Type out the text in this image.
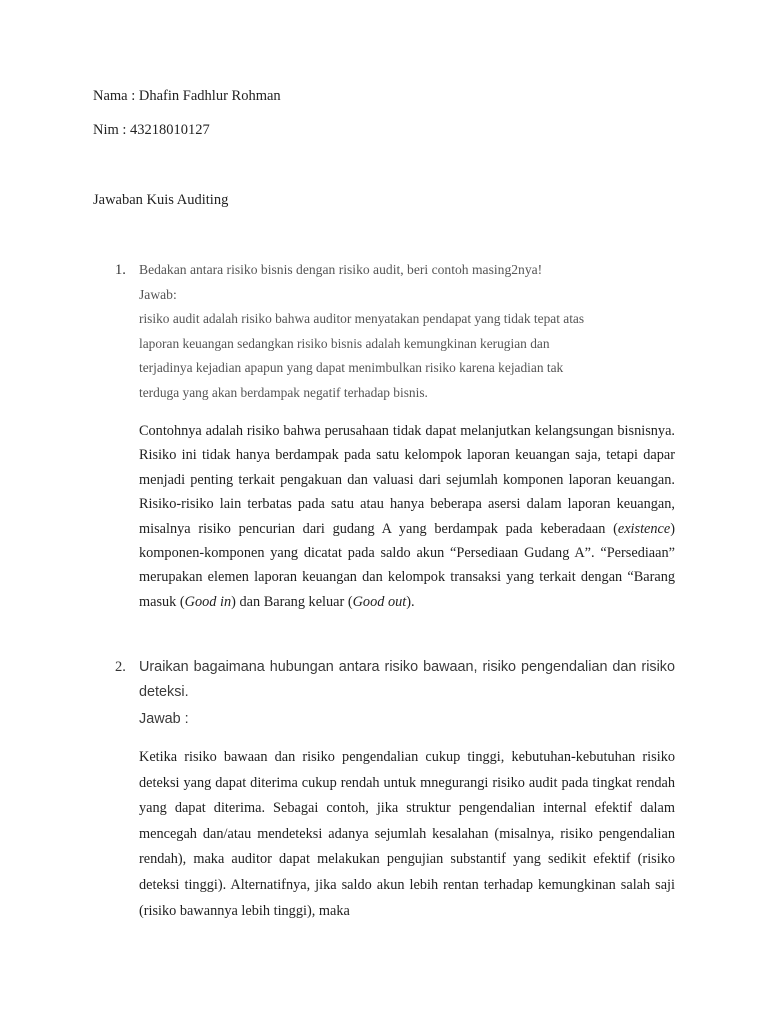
Nama : Dhafin Fadhlur Rohman
Nim : 43218010127
Jawaban Kuis Auditing
1. Bedakan antara risiko bisnis dengan risiko audit, beri contoh masing2nya!
Jawab:
risiko audit adalah risiko bahwa auditor menyatakan pendapat yang tidak tepat atas
laporan keuangan sedangkan risiko bisnis adalah kemungkinan kerugian dan
terjadinya kejadian apapun yang dapat menimbulkan risiko karena kejadian tak
terduga yang akan berdampak negatif terhadap bisnis.
Contohnya adalah risiko bahwa perusahaan tidak dapat melanjutkan kelangsungan bisnisnya. Risiko ini tidak hanya berdampak pada satu kelompok laporan keuangan saja, tetapi dapar menjadi penting terkait pengakuan dan valuasi dari sejumlah komponen laporan keuangan. Risiko-risiko lain terbatas pada satu atau hanya beberapa asersi dalam laporan keuangan, misalnya risiko pencurian dari gudang A yang berdampak pada keberadaan (existence) komponen-komponen yang dicatat pada saldo akun “Persediaan Gudang A”. “Persediaan” merupakan elemen laporan keuangan dan kelompok transaksi yang terkait dengan “Barang masuk (Good in) dan Barang keluar (Good out).
2. Uraikan bagaimana hubungan antara risiko bawaan, risiko pengendalian dan risiko deteksi.
Jawab :
Ketika risiko bawaan dan risiko pengendalian cukup tinggi, kebutuhan-kebutuhan risiko deteksi yang dapat diterima cukup rendah untuk mnegurangi risiko audit pada tingkat rendah yang dapat diterima. Sebagai contoh, jika struktur pengendalian internal efektif dalam mencegah dan/atau mendeteksi adanya sejumlah kesalahan (misalnya, risiko pengendalian rendah), maka auditor dapat melakukan pengujian substantif yang sedikit efektif (risiko deteksi tinggi). Alternatifnya, jika saldo akun lebih rentan terhadap kemungkinan salah saji (risiko bawannya lebih tinggi), maka
